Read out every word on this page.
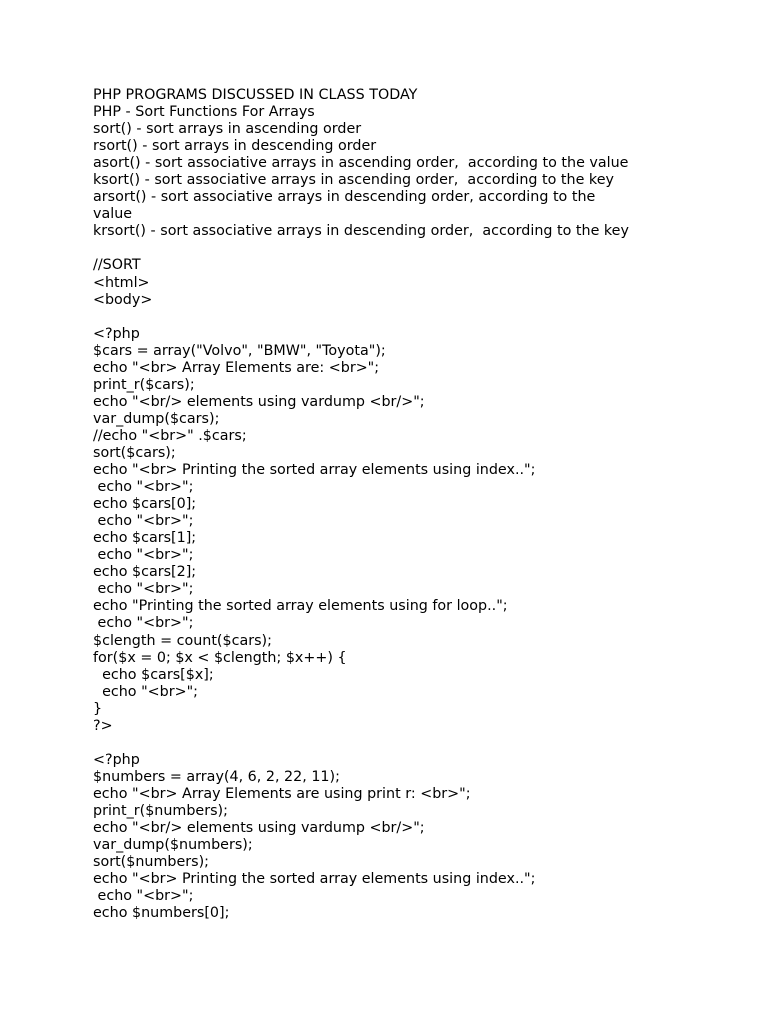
PHP PROGRAMS DISCUSSED IN CLASS TODAY
PHP - Sort Functions For Arrays
sort() - sort arrays in ascending order
rsort() - sort arrays in descending order
asort() - sort associative arrays in ascending order,  according to the value
ksort() - sort associative arrays in ascending order,  according to the key
arsort() - sort associative arrays in descending order, according to the
value
krsort() - sort associative arrays in descending order,  according to the key
//SORT
<html>
<body>
<?php
$cars = array("Volvo", "BMW", "Toyota");
echo "<br> Array Elements are: <br>";
print_r($cars);
echo "<br/> elements using vardump <br/>";
var_dump($cars);
//echo "<br>" .$cars;
sort($cars);
echo "<br> Printing the sorted array elements using index..";
echo "<br>";
echo $cars[0];
echo "<br>";
echo $cars[1];
echo "<br>";
echo $cars[2];
echo "<br>";
echo "Printing the sorted array elements using for loop..";
echo "<br>";
$clength = count($cars);
for($x = 0; $x < $clength; $x++) {
echo $cars[$x];
echo "<br>";
}
?>
<?php
$numbers = array(4, 6, 2, 22, 11);
echo "<br> Array Elements are using print r: <br>";
print_r($numbers);
echo "<br/> elements using vardump <br/>";
var_dump($numbers);
sort($numbers);
echo "<br> Printing the sorted array elements using index..";
echo "<br>";
echo $numbers[0];
